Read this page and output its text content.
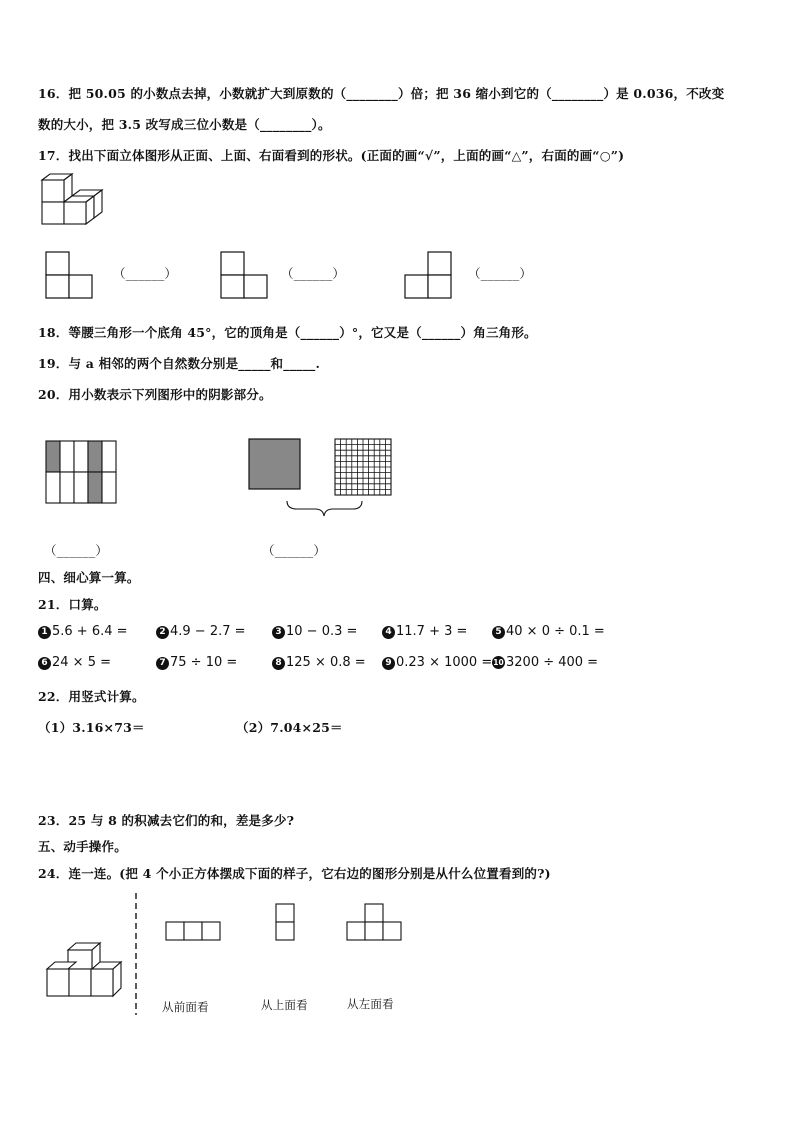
16．把 50.05 的小数点去掉，小数就扩大到原数的（________）倍；把 36 缩小到它的（________）是 0.036，不改变
数的大小，把 3.5 改写成三位小数是（________）。
17．找出下面立体图形从正面、上面、右面看到的形状。(正面的画“√”，上面的画“△”，右面的画“○”)
（______）	（______）	（______）
18．等腰三角形一个底角 45°，它的顶角是（______）°，它又是（______）角三角形。
19．与 a 相邻的两个自然数分别是_____和_____.
20．用小数表示下列图形中的阴影部分。
（______）	（______）
四、细心算一算。
21．口算。
1 5.6 + 6.4 =	2 4.9 − 2.7 =	3 10 − 0.3 =	4 11.7 + 3 =	5 40 × 0 ÷ 0.1 =
6 24 × 5 =	7 75 ÷ 10 =	8 125 × 0.8 =	9 0.23 × 1000 = 10 3200 ÷ 400 =
22．用竖式计算。
（1）3.16×73＝	（2）7.04×25＝
23．25 与 8 的积减去它们的和，差是多少?
五、动手操作。
24．连一连。(把 4 个小正方体摆成下面的样子，它右边的图形分别是从什么位置看到的?)
从前面看	从上面看	从左面看
